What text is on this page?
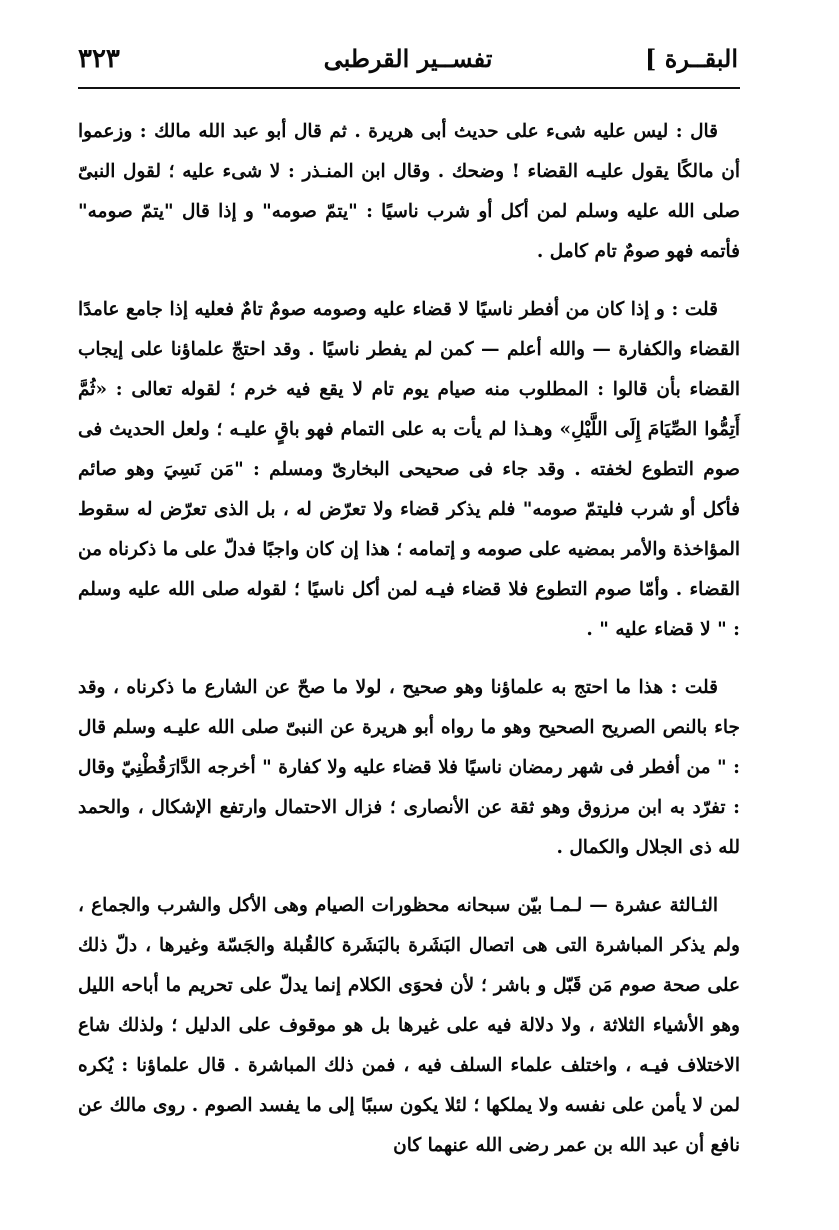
البقــرة ]
تفســير القرطبى
٣٢٣

قال : ليس عليه شىء على حديث أبى هريرة . ثم قال أبو عبد الله مالك : وزعموا أن مالكًا يقول عليـه القضاء ! وضحك . وقال ابن المنـذر : لا شىء عليه ؛ لقول النبىّ صلى الله عليه وسلم لمن أكل أو شرب ناسيًا : "يتمّ صومه" و إذا قال "يتمّ صومه" فأتمه فهو صومٌ تام كامل .

قلت : و إذا كان من أفطر ناسيًا لا قضاء عليه وصومه صومٌ تامٌ فعليه إذا جامع عامدًا القضاء والكفارة — والله أعلم — كمن لم يفطر ناسيًا . وقد احتجّ علماؤنا على إيجاب القضاء بأن قالوا : المطلوب منه صيام يوم تام لا يقع فيه خرم ؛ لقوله تعالى : «ثُمَّ أَتِمُّوا الصِّيَامَ إِلَى اللَّيْلِ» وهـذا لم يأت به على التمام فهو باقٍ عليـه ؛ ولعل الحديث فى صوم التطوع لخفته . وقد جاء فى صحيحى البخارىّ ومسلم : "مَن نَسِيَ وهو صائم فأكل أو شرب فليتمّ صومه" فلم يذكر قضاء ولا تعرّض له ، بل الذى تعرّض له سقوط المؤاخذة والأمر بمضيه على صومه و إتمامه ؛ هذا إن كان واجبًا فدلّ على ما ذكرناه من القضاء . وأمّا صوم التطوع فلا قضاء فيـه لمن أكل ناسيًا ؛ لقوله صلى الله عليه وسلم : " لا قضاء عليه " .

قلت : هذا ما احتج به علماؤنا وهو صحيح ، لولا ما صحّ عن الشارع ما ذكرناه ، وقد جاء بالنص الصريح الصحيح وهو ما رواه أبو هريرة عن النبىّ صلى الله عليـه وسلم قال : " من أفطر فى شهر رمضان ناسيًا فلا قضاء عليه ولا كفارة " أخرجه الدَّارَقُطْنِيّ وقال : تفرّد به ابن مرزوق وهو ثقة عن الأنصارى ؛ فزال الاحتمال وارتفع الإشكال ، والحمد لله ذى الجلال والكمال .

الثـالثة عشرة — لـمـا بيّن سبحانه محظورات الصيام وهى الأكل والشرب والجماع ، ولم يذكر المباشرة التى هى اتصال البَشَرة بالبَشَرة كالقُبلة والجَسّة وغيرها ، دلّ ذلك على صحة صوم مَن قَبّل و باشر ؛ لأن فحوَى الكلام إنما يدلّ على تحريم ما أباحه الليل وهو الأشياء الثلاثة ، ولا دلالة فيه على غيرها بل هو موقوف على الدليل ؛ ولذلك شاع الاختلاف فيـه ، واختلف علماء السلف فيه ، فمن ذلك المباشرة . قال علماؤنا : يُكره لمن لا يأمن على نفسه ولا يملكها ؛ لئلا يكون سببًا إلى ما يفسد الصوم . روى مالك عن نافع أن عبد الله بن عمر رضى الله عنهما كان
